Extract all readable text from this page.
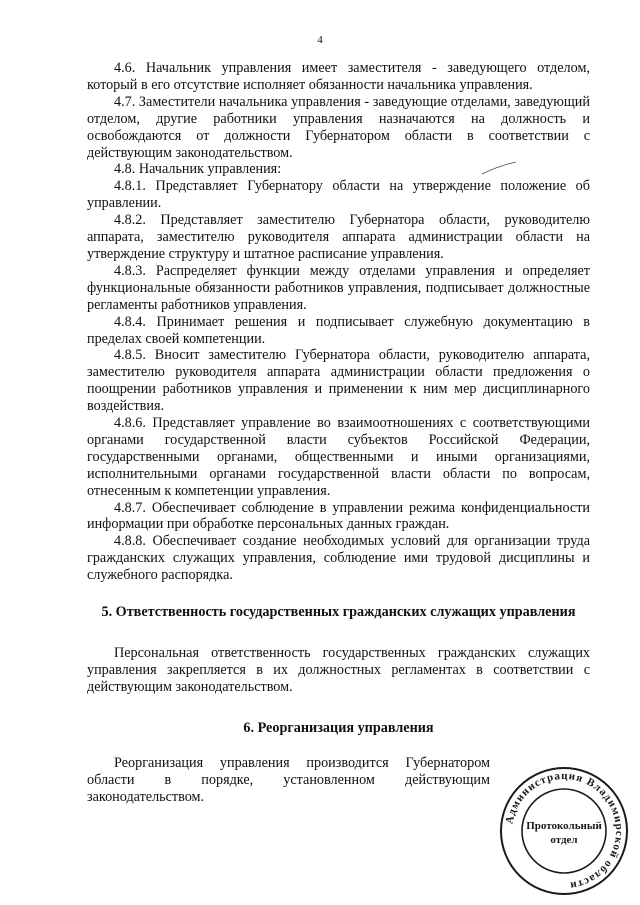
4

4.6. Начальник управления имеет заместителя - заведующего отделом, который в его отсутствие исполняет обязанности начальника управления.

4.7. Заместители начальника управления - заведующие отделами, заведующий отделом, другие работники управления назначаются на должность и освобождаются от должности Губернатором области в соответствии с действующим законодательством.

4.8. Начальник управления:

4.8.1. Представляет Губернатору области на утверждение положение об управлении.

4.8.2. Представляет заместителю Губернатора области, руководителю аппарата, заместителю руководителя аппарата администрации области на утверждение структуру и штатное расписание управления.

4.8.3. Распределяет функции между отделами управления и определяет функциональные обязанности работников управления, подписывает должностные регламенты работников управления.

4.8.4. Принимает решения и подписывает служебную документацию в пределах своей компетенции.

4.8.5. Вносит заместителю Губернатора области, руководителю аппарата, заместителю руководителя аппарата администрации области предложения о поощрении работников управления и применении к ним мер дисциплинарного воздействия.

4.8.6. Представляет управление во взаимоотношениях с соответствующими органами государственной власти субъектов Российской Федерации, государственными органами, общественными и иными организациями, исполнительными органами государственной власти области по вопросам, отнесенным к компетенции управления.

4.8.7. Обеспечивает соблюдение в управлении режима конфиденциальности информации при обработке персональных данных граждан.

4.8.8. Обеспечивает создание необходимых условий для организации труда гражданских служащих управления, соблюдение ими трудовой дисциплины и служебного распорядка.

5. Ответственность государственных гражданских служащих управления

Персональная ответственность государственных гражданских служащих управления закрепляется в их должностных регламентах в соответствии с действующим законодательством.

6. Реорганизация управления

Реорганизация управления производится Губернатором области в порядке, установленном действующим законодательством.

Администрация Владимирской области
Протокольный
отдел
